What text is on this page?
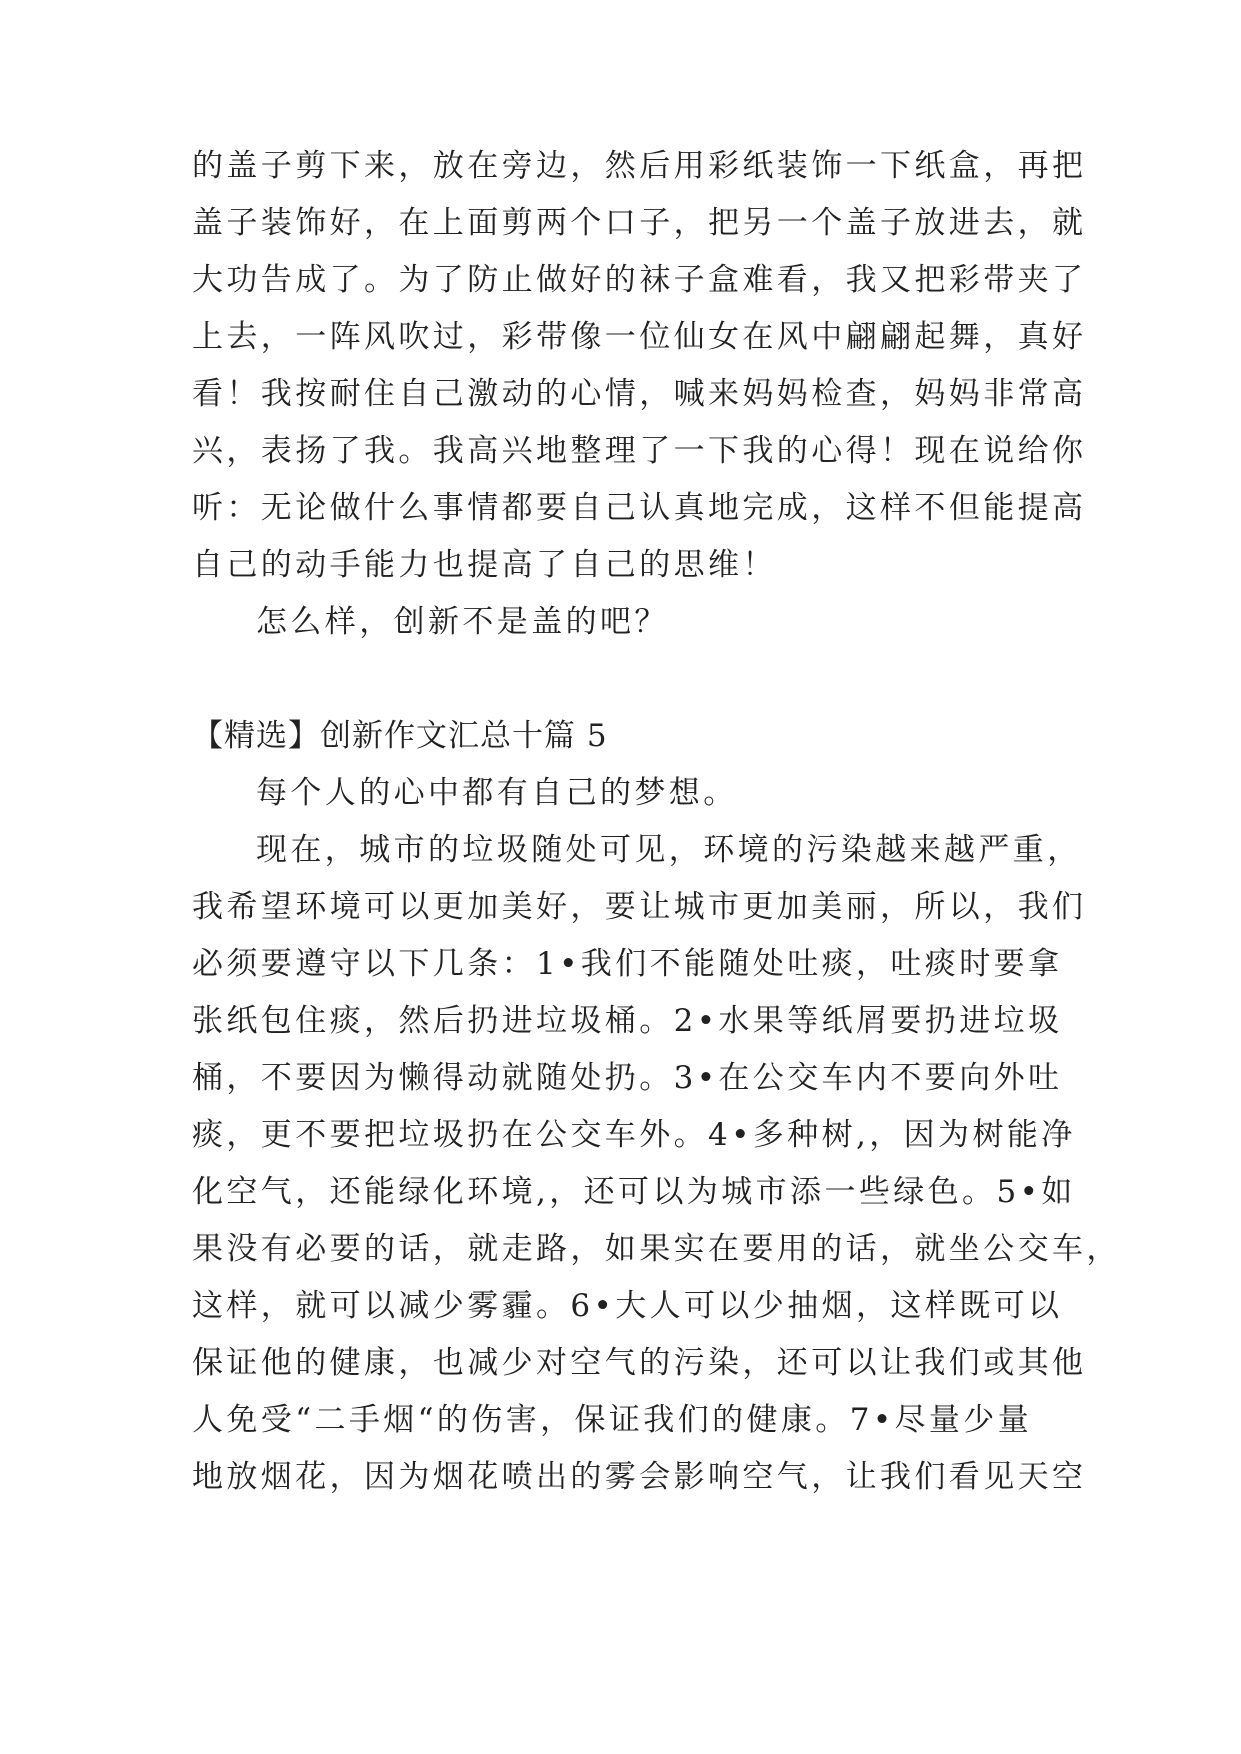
的盖子剪下来，放在旁边，然后用彩纸装饰一下纸盒，再把
盖子装饰好，在上面剪两个口子，把另一个盖子放进去，就
大功告成了。为了防止做好的袜子盒难看，我又把彩带夹了
上去，一阵风吹过，彩带像一位仙女在风中翩翩起舞，真好
看！我按耐住自己激动的心情，喊来妈妈检查，妈妈非常高
兴，表扬了我。我高兴地整理了一下我的心得！现在说给你
听：无论做什么事情都要自己认真地完成，这样不但能提高
自己的动手能力也提高了自己的思维！
怎么样，创新不是盖的吧？
【精选】创新作文汇总十篇 5
每个人的心中都有自己的梦想。
现在，城市的垃圾随处可见，环境的污染越来越严重，
我希望环境可以更加美好，要让城市更加美丽，所以，我们
必须要遵守以下几条：1•我们不能随处吐痰，吐痰时要拿
张纸包住痰，然后扔进垃圾桶。2•水果等纸屑要扔进垃圾
桶，不要因为懒得动就随处扔。3•在公交车内不要向外吐
痰，更不要把垃圾扔在公交车外。4•多种树,，因为树能净
化空气，还能绿化环境,，还可以为城市添一些绿色。5•如
果没有必要的话，就走路，如果实在要用的话，就坐公交车，
这样，就可以减少雾霾。6•大人可以少抽烟，这样既可以
保证他的健康，也减少对空气的污染，还可以让我们或其他
人免受“二手烟“的伤害，保证我们的健康。7•尽量少量
地放烟花，因为烟花喷出的雾会影响空气，让我们看见天空
